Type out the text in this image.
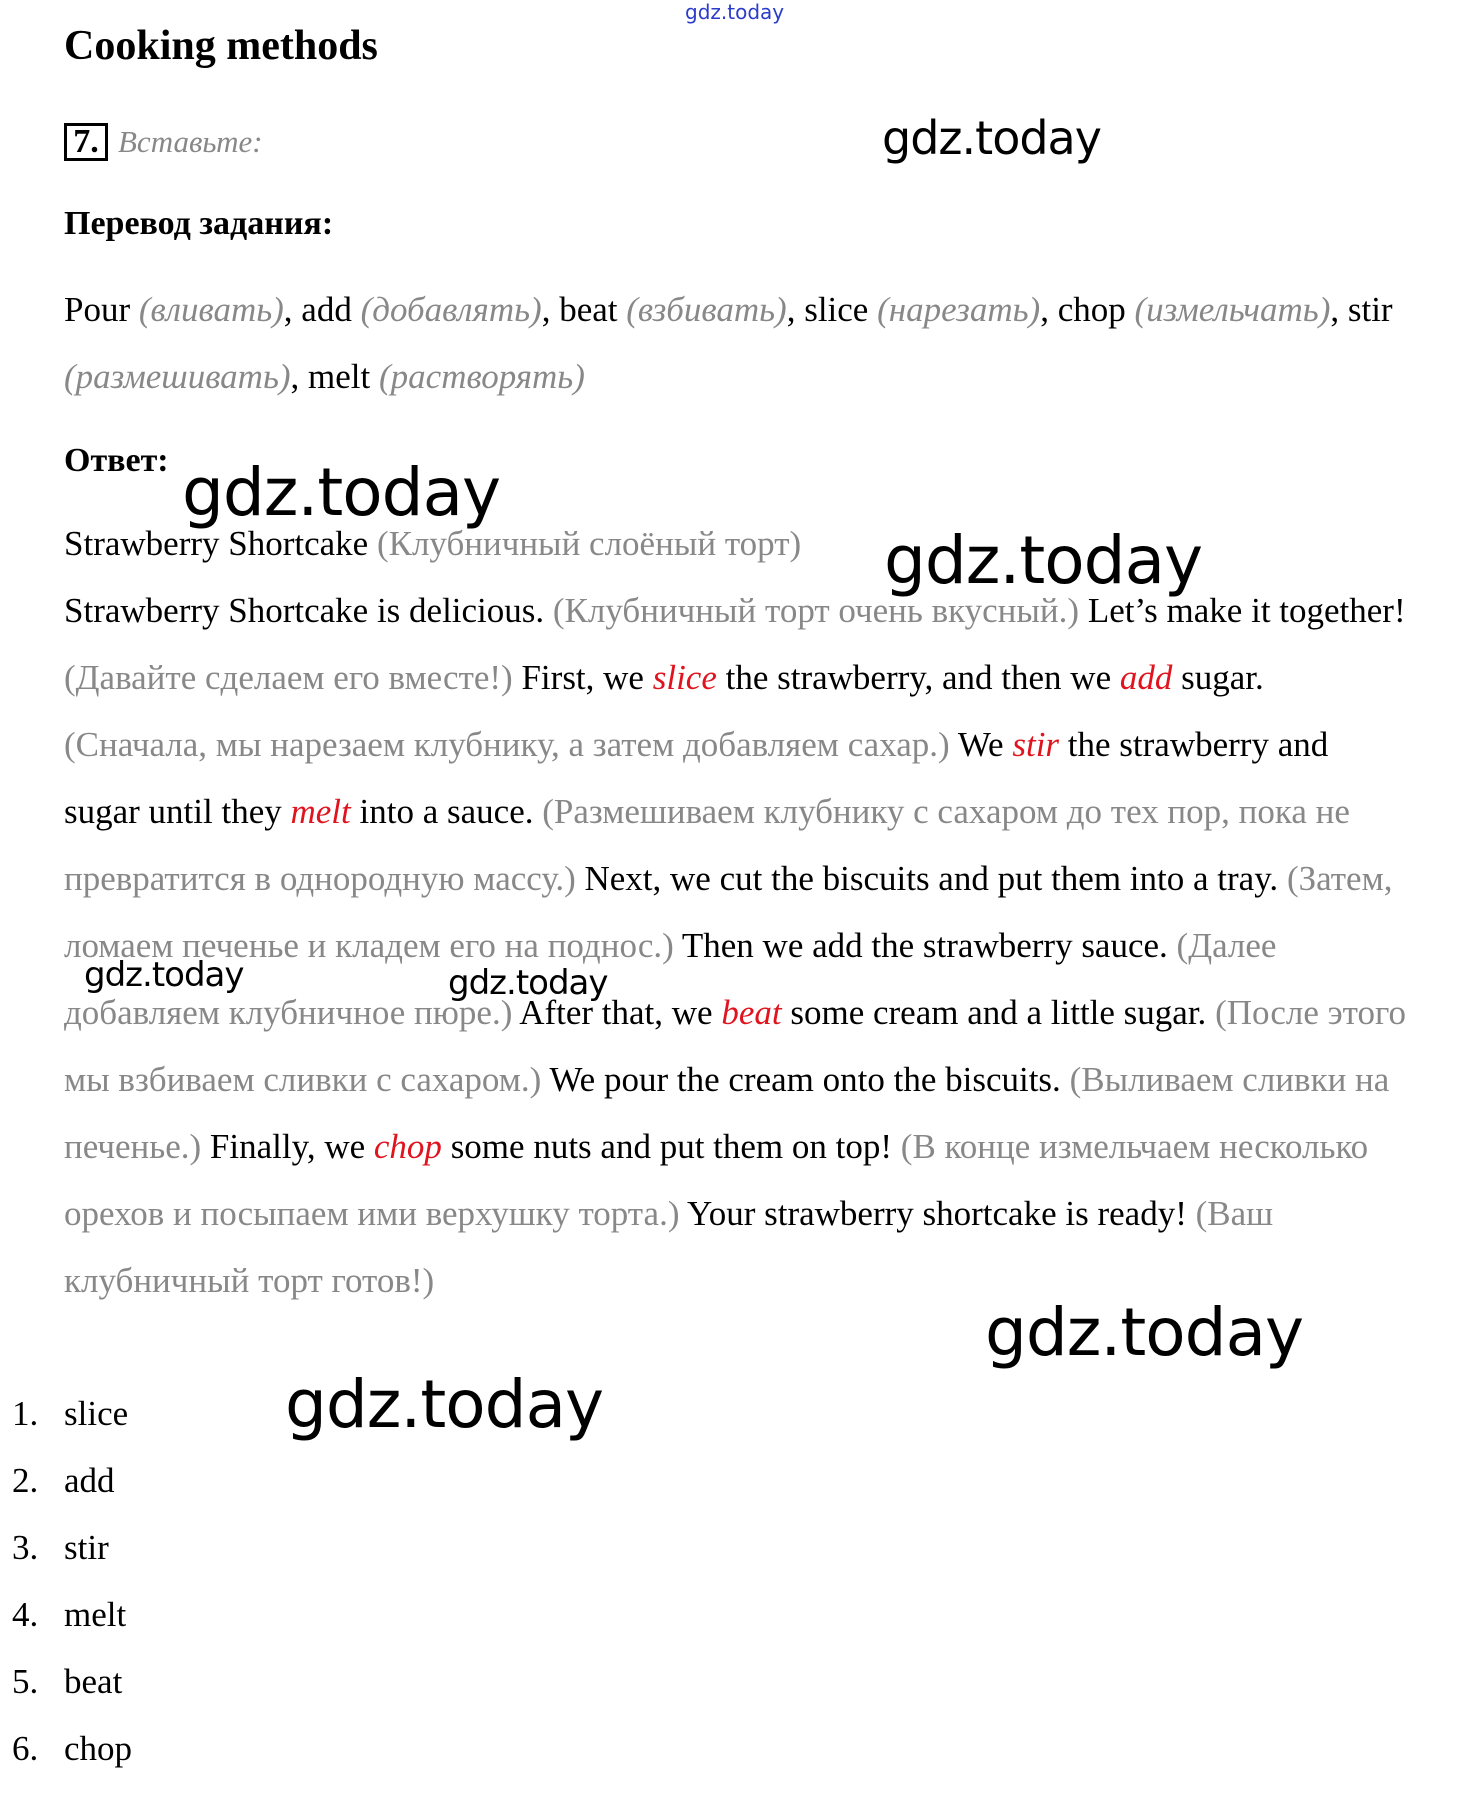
gdz.today
gdz.today
gdz.today
gdz.today
gdz.today	gdz.today
gdz.today
gdz.today
Cooking methods
7. Вставьте:
Перевод задания:

Pour (вливать), add (добавлять), beat (взбивать), slice (нарезать), chop (измельчать), stir (размешивать), melt (растворять)

Ответ:

Strawberry Shortcake (Клубничный слоёный торт)
Strawberry Shortcake is delicious. (Клубничный торт очень вкусный.) Let’s make it together! (Давайте сделаем его вместе!) First, we slice the strawberry, and then we add sugar. (Сначала, мы нарезаем клубнику, а затем добавляем сахар.) We stir the strawberry and sugar until they melt into a sauce. (Размешиваем клубнику с сахаром до тех пор, пока не превратится в однородную массу.) Next, we cut the biscuits and put them into a tray. (Затем, ломаем печенье и кладем его на поднос.) Then we add the strawberry sauce. (Далее добавляем клубничное пюре.) After that, we beat some cream and a little sugar. (После этого мы взбиваем сливки с сахаром.) We pour the cream onto the biscuits. (Выливаем сливки на печенье.) Finally, we chop some nuts and put them on top! (В конце измельчаем несколько орехов и посыпаем ими верхушку торта.) Your strawberry shortcake is ready! (Ваш клубничный торт готов!)

1. slice
2. add
3. stir
4. melt
5. beat
6. chop
